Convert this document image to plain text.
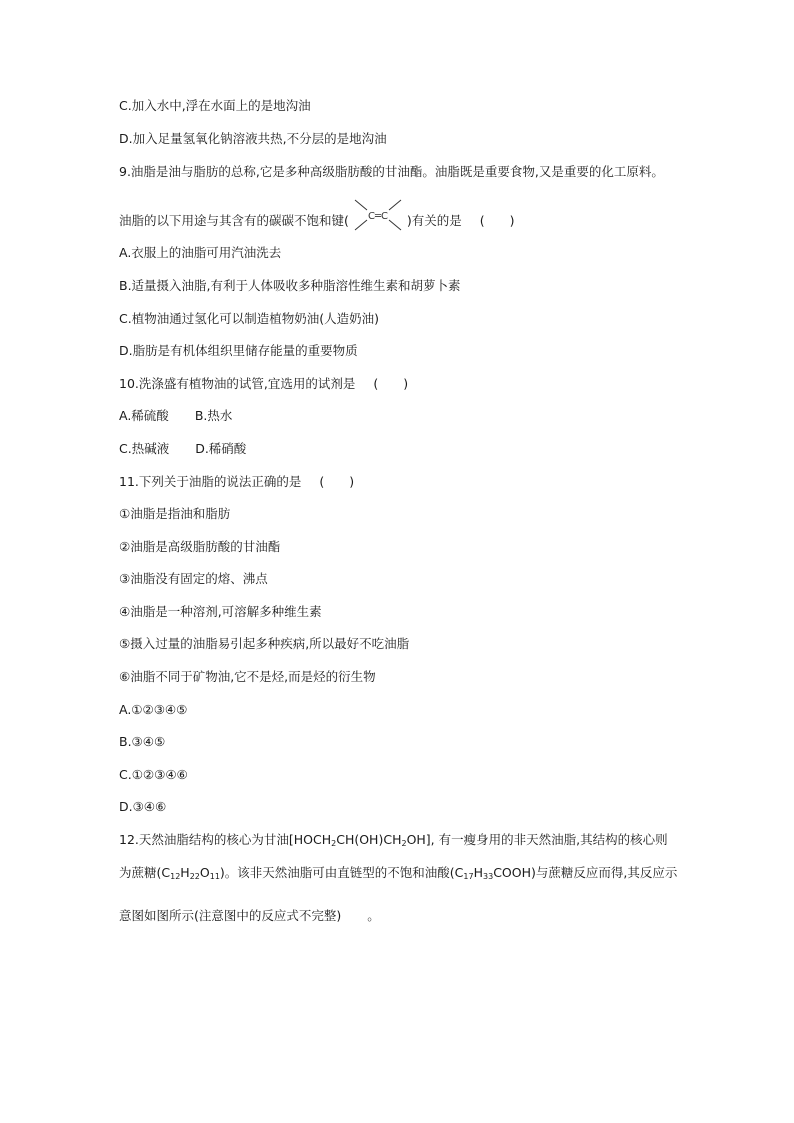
C.加入水中,浮在水面上的是地沟油
D.加入足量氢氧化钠溶液共热,不分层的是地沟油
9.油脂是油与脂肪的总称,它是多种高级脂肪酸的甘油酯。油脂既是重要食物,又是重要的化工原料。
油脂的以下用途与其含有的碳碳不饱和键( C═C )有关的是 (　　)
A.衣服上的油脂可用汽油洗去
B.适量摄入油脂,有利于人体吸收多种脂溶性维生素和胡萝卜素
C.植物油通过氢化可以制造植物奶油(人造奶油)
D.脂肪是有机体组织里储存能量的重要物质
10.洗涤盛有植物油的试管,宜选用的试剂是 (　　)
A.稀硫酸 B.热水
C.热碱液 D.稀硝酸
11.下列关于油脂的说法正确的是 (　　)
①油脂是指油和脂肪
②油脂是高级脂肪酸的甘油酯
③油脂没有固定的熔、沸点
④油脂是一种溶剂,可溶解多种维生素
⑤摄入过量的油脂易引起多种疾病,所以最好不吃油脂
⑥油脂不同于矿物油,它不是烃,而是烃的衍生物
A.①②③④⑤
B.③④⑤
C.①②③④⑥
D.③④⑥
12.天然油脂结构的核心为甘油$[HOCH_2CH(OH)CH_2OH]$, 有一瘦身用的非天然油脂,其结构的核心则
为蔗糖$(C_{12}H_{22}O_{11})$。该非天然油脂可由直链型的不饱和油酸$(C_{17}H_{33}COOH)$与蔗糖反应而得,其反应示
意图如图所示(注意图中的反应式不完整) 。
